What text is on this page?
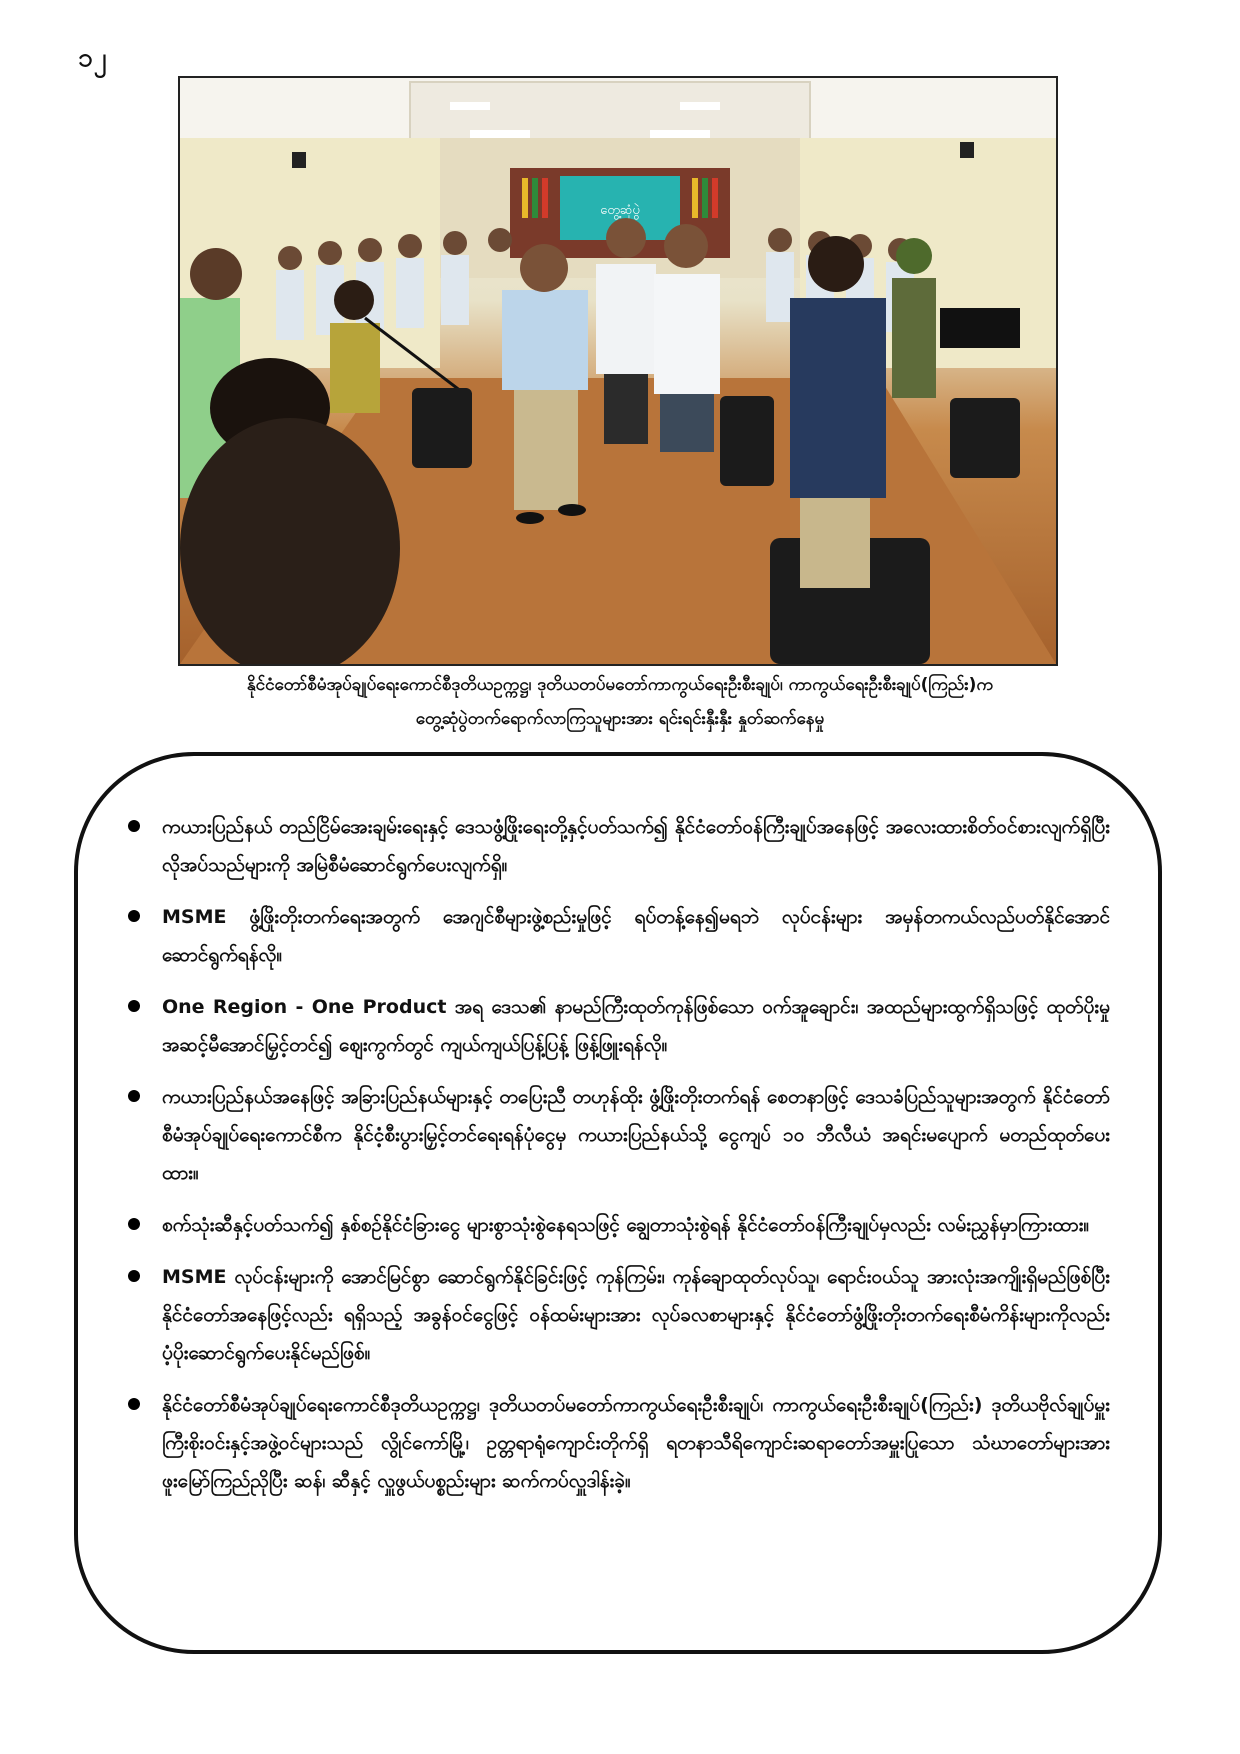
၁၂
တွေ့ဆုံပွဲ
နိုင်ငံတော်စီမံအုပ်ချုပ်ရေးကောင်စီဒုတိယဥက္ကဋ္ဌ၊ ဒုတိယတပ်မတော်ကာကွယ်ရေးဦးစီးချုပ်၊ ကာကွယ်ရေးဦးစီးချုပ်(ကြည်း)က
တွေ့ဆုံပွဲတက်ရောက်လာကြသူများအား ရင်းရင်းနှီးနှီး နှုတ်ဆက်နေမှု
ကယားပြည်နယ် တည်ငြိမ်အေးချမ်းရေးနှင့် ဒေသဖွံ့ဖြိုးရေးတို့နှင့်ပတ်သက်၍ နိုင်ငံတော်ဝန်ကြီးချုပ်အနေဖြင့် အလေးထားစိတ်ဝင်စားလျက်ရှိပြီး လိုအပ်သည်များကို အမြဲစီမံဆောင်ရွက်ပေးလျက်ရှိ။
MSME ဖွံ့ဖြိုးတိုးတက်ရေးအတွက် အေဂျင်စီများဖွဲ့စည်းမှုဖြင့် ရပ်တန့်နေ၍မရဘဲ လုပ်ငန်းများ အမှန်တကယ်လည်ပတ်နိုင်အောင် ဆောင်ရွက်ရန်လို။
One Region - One Product အရ ဒေသ၏ နာမည်ကြီးထုတ်ကုန်ဖြစ်သော ဝက်အူချောင်း၊ အထည်များထွက်ရှိသဖြင့် ထုတ်ပိုးမှု အဆင့်မီအောင်မြှင့်တင်၍ ဈေးကွက်တွင် ကျယ်ကျယ်ပြန့်ပြန့် ဖြန့်ဖြူးရန်လို။
ကယားပြည်နယ်အနေဖြင့် အခြားပြည်နယ်များနှင့် တပြေးညီ တဟုန်ထိုး ဖွံ့ဖြိုးတိုးတက်ရန် စေတနာဖြင့် ဒေသခံပြည်သူများအတွက် နိုင်ငံတော်စီမံအုပ်ချုပ်ရေးကောင်စီက နိုင်ငံ့စီးပွားမြှင့်တင်ရေးရန်ပုံငွေမှ ကယားပြည်နယ်သို့ ငွေကျပ် ၁၀ ဘီလီယံ အရင်းမပျောက် မတည်ထုတ်ပေးထား။
စက်သုံးဆီနှင့်ပတ်သက်၍ နှစ်စဉ်နိုင်ငံခြားငွေ များစွာသုံးစွဲနေရသဖြင့် ချွေတာသုံးစွဲရန် နိုင်ငံတော်ဝန်ကြီးချုပ်မှလည်း လမ်းညွှန်မှာကြားထား။
MSME လုပ်ငန်းများကို အောင်မြင်စွာ ဆောင်ရွက်နိုင်ခြင်းဖြင့် ကုန်ကြမ်း၊ ကုန်ချောထုတ်လုပ်သူ၊ ရောင်းဝယ်သူ အားလုံးအကျိုးရှိမည်ဖြစ်ပြီး နိုင်ငံတော်အနေဖြင့်လည်း ရရှိသည့် အခွန်ဝင်ငွေဖြင့် ဝန်ထမ်းများအား လုပ်ခလစာများနှင့် နိုင်ငံတော်ဖွံ့ဖြိုးတိုးတက်ရေးစီမံကိန်းများကိုလည်း ပံ့ပိုးဆောင်ရွက်ပေးနိုင်မည်ဖြစ်။
နိုင်ငံတော်စီမံအုပ်ချုပ်ရေးကောင်စီဒုတိယဥက္ကဋ္ဌ၊ ဒုတိယတပ်မတော်ကာကွယ်ရေးဦးစီးချုပ်၊ ကာကွယ်ရေးဦးစီးချုပ်(ကြည်း) ဒုတိယဗိုလ်ချုပ်မှူးကြီးစိုးဝင်းနှင့်အဖွဲ့ဝင်များသည် လွိုင်ကော်မြို့၊ ဥတ္တရာရုံကျောင်းတိုက်ရှိ ရတနာသီရိကျောင်းဆရာတော်အမှူးပြုသော သံဃာတော်များအား ဖူးမြော်ကြည်ညိုပြီး ဆန်၊ ဆီနှင့် လှူဖွယ်ပစ္စည်းများ ဆက်ကပ်လှူဒါန်းခဲ့။
